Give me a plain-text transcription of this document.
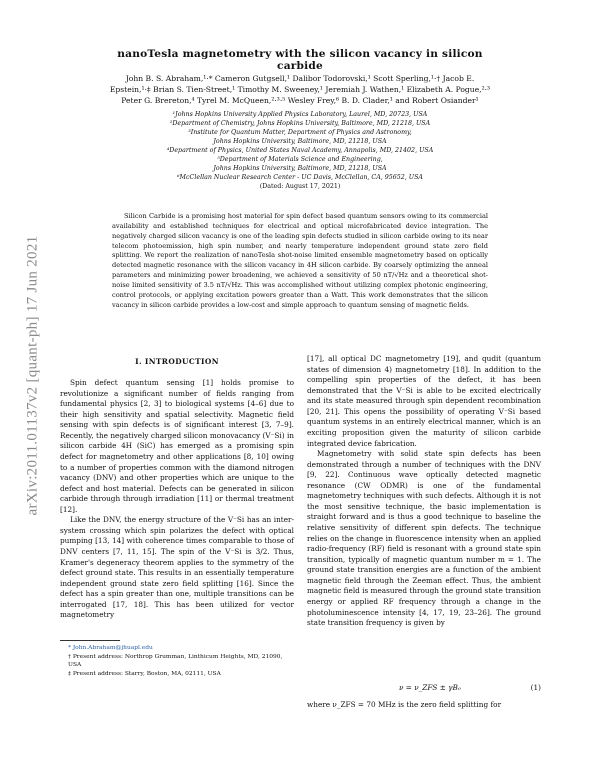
arXiv:2011.01137v2 [quant-ph] 17 Jun 2021
nanoTesla magnetometry with the silicon vacancy in silicon carbide
John B. S. Abraham,¹·* Cameron Gutgsell,¹ Dalibor Todorovski,¹ Scott Sperling,¹·† Jacob E.
Epstein,¹·‡ Brian S. Tien-Street,¹ Timothy M. Sweeney,¹ Jeremiah J. Wathen,¹ Elizabeth A. Pogue,²·³
Peter G. Brereton,⁴ Tyrel M. McQueen,²·³·⁵ Wesley Frey,⁶ B. D. Clader,¹ and Robert Osiander¹
¹Johns Hopkins University Applied Physics Laboratory, Laurel, MD, 20723, USA
²Department of Chemistry, Johns Hopkins University, Baltimore, MD, 21218, USA
³Institute for Quantum Matter, Department of Physics and Astronomy,
Johns Hopkins University, Baltimore, MD, 21218, USA
⁴Department of Physics, United States Naval Academy, Annapolis, MD, 21402, USA
⁵Department of Materials Science and Engineering,
Johns Hopkins University, Baltimore, MD, 21218, USA
⁶McClellan Nuclear Research Center - UC Davis, McClellan, CA, 95652, USA
(Dated: August 17, 2021)
Silicon Carbide is a promising host material for spin defect based quantum sensors owing to its commercial availability and established techniques for electrical and optical microfabricated device integration. The negatively charged silicon vacancy is one of the leading spin defects studied in silicon carbide owing to its near telecom photoemission, high spin number, and nearly temperature independent ground state zero field splitting. We report the realization of nanoTesla shot-noise limited ensemble magnetometry based on optically detected magnetic resonance with the silicon vacancy in 4H silicon carbide. By coarsely optimizing the anneal parameters and minimizing power broadening, we achieved a sensitivity of 50 nT/√Hz and a theoretical shot-noise limited sensitivity of 3.5 nT/√Hz. This was accomplished without utilizing complex photonic engineering, control protocols, or applying excitation powers greater than a Watt. This work demonstrates that the silicon vacancy in silicon carbide provides a low-cost and simple approach to quantum sensing of magnetic fields.
I. INTRODUCTION

Spin defect quantum sensing [1] holds promise to revolutionize a significant number of fields ranging from fundamental physics [2, 3] to biological systems [4–6] due to their high sensitivity and spatial selectivity. Magnetic field sensing with spin defects is of significant interest [3, 7–9]. Recently, the negatively charged silicon monovacancy (V⁻Si) in silicon carbide 4H (SiC) has emerged as a promising spin defect for magnetometry and other applications [8, 10] owing to a number of properties common with the diamond nitrogen vacancy (DNV) and other properties which are unique to the defect and host material. Defects can be generated in silicon carbide through through irradiation [11] or thermal treatment [12].

Like the DNV, the energy structure of the V⁻Si has an inter-system crossing which spin polarizes the defect with optical pumping [13, 14] with coherence times comparable to those of DNV centers [7, 11, 15]. The spin of the V⁻Si is 3/2. Thus, Kramer's degeneracy theorem applies to the symmetry of the defect ground state. This results in an essentially temperature independent ground state zero field splitting [16]. Since the defect has a spin greater than one, multiple transitions can be interrogated [17, 18]. This has been utilized for vector magnetometry

* John.Abraham@jhuapl.edu
† Present address: Northrop Grumman, Linthicum Heights, MD, 21090, USA
‡ Present address: Starry, Boston, MA, 02111, USA

[17], all optical DC magnetometry [19], and qudit (quantum states of dimension 4) magnetometry [18]. In addition to the compelling spin properties of the defect, it has been demonstrated that the V⁻Si is able to be excited electrically and its state measured through spin dependent recombination [20, 21]. This opens the possibility of operating V⁻Si based quantum systems in an entirely electrical manner, which is an exciting proposition given the maturity of silicon carbide integrated device fabrication.

Magnetometry with solid state spin defects has been demonstrated through a number of techniques with the DNV [9, 22]. Continuous wave optically detected magnetic resonance (CW ODMR) is one of the fundamental magnetometry techniques with such defects. Although it is not the most sensitive technique, the basic implementation is straight forward and is thus a good technique to baseline the relative sensitivity of different spin defects. The technique relies on the change in fluorescence intensity when an applied radio-frequency (RF) field is resonant with a ground state spin transition, typically of magnetic quantum number m = 1. The ground state transition energies are a function of the ambient magnetic field through the Zeeman effect. Thus, the ambient magnetic field is measured through the ground state transition energy or applied RF frequency through a change in the photoluminescence intensity [4, 17, 19, 23–26]. The ground state transition frequency is given by

ν = ν_ZFS ± γB₀	(1)
where ν_ZFS = 70 MHz is the zero field splitting for
